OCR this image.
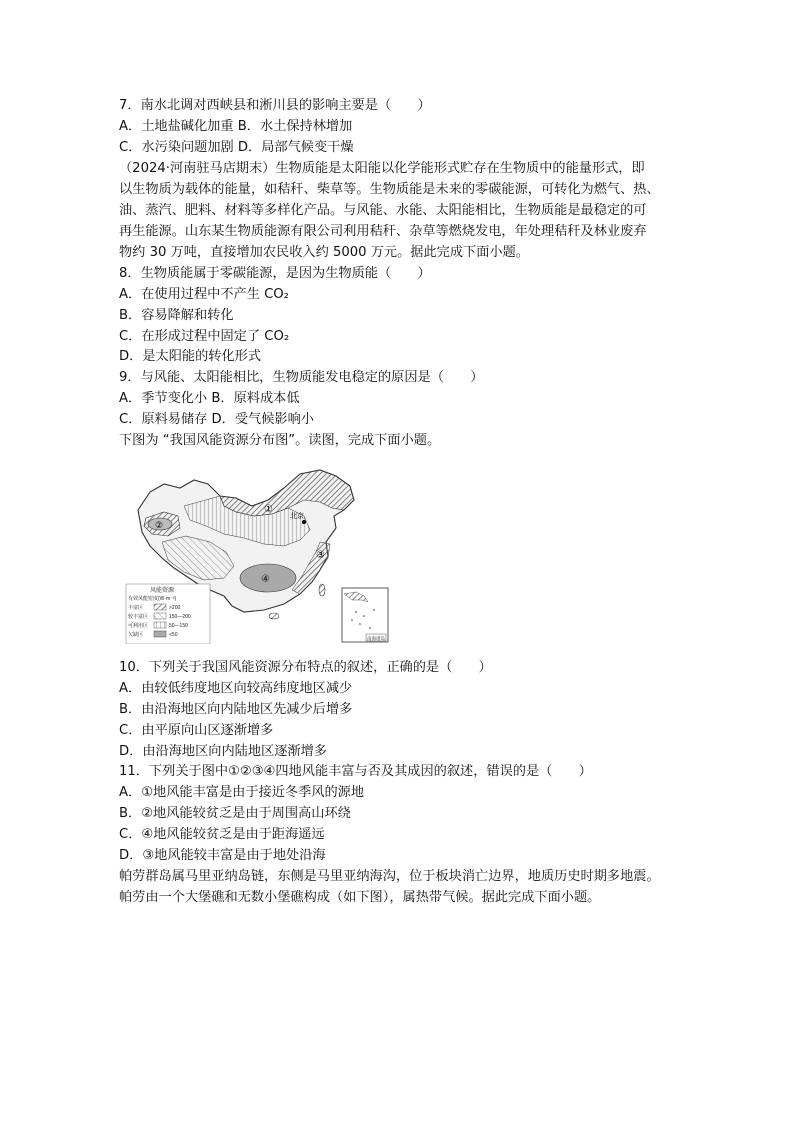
7．南水北调对西峡县和淅川县的影响主要是（　　）
A．土地盐碱化加重 B．水土保持林增加
C．水污染问题加剧 D．局部气候变干燥
（2024·河南驻马店期末）生物质能是太阳能以化学能形式贮存在生物质中的能量形式，即
以生物质为载体的能量，如秸秆、柴草等。生物质能是未来的零碳能源，可转化为燃气、热、
油、蒸汽、肥料、材料等多样化产品。与风能、水能、太阳能相比，生物质能是最稳定的可
再生能源。山东某生物质能源有限公司利用秸秆、杂草等燃烧发电，年处理秸秆及林业废弃
物约 30 万吨，直接增加农民收入约 5000 万元。据此完成下面小题。
8．生物质能属于零碳能源，是因为生物质能（　　）
A．在使用过程中不产生 CO₂
B．容易降解和转化
C．在形成过程中固定了 CO₂
D．是太阳能的转化形式
9．与风能、太阳能相比，生物质能发电稳定的原因是（　　）
A．季节变化小 B．原料成本低
C．原料易储存 D．受气候影响小
下图为 “我国风能资源分布图”。读图，完成下面小题。
北京
①
②
③
④
风能资源
有效风能密度(W·m⁻²)
丰富区	>200
较丰富区	150—200
可利用区	50—150
欠缺区	<50
南海诸岛
10．下列关于我国风能资源分布特点的叙述，正确的是（　　）
A．由较低纬度地区向较高纬度地区减少
B．由沿海地区向内陆地区先减少后增多
C．由平原向山区逐渐增多
D．由沿海地区向内陆地区逐渐增多
11．下列关于图中①②③④四地风能丰富与否及其成因的叙述，错误的是（　　）
A．①地风能丰富是由于接近冬季风的源地
B．②地风能较贫乏是由于周围高山环绕
C．④地风能较贫乏是由于距海遥远
D．③地风能较丰富是由于地处沿海
帕劳群岛属马里亚纳岛链，东侧是马里亚纳海沟，位于板块消亡边界，地质历史时期多地震。
帕劳由一个大堡礁和无数小堡礁构成（如下图），属热带气候。据此完成下面小题。
